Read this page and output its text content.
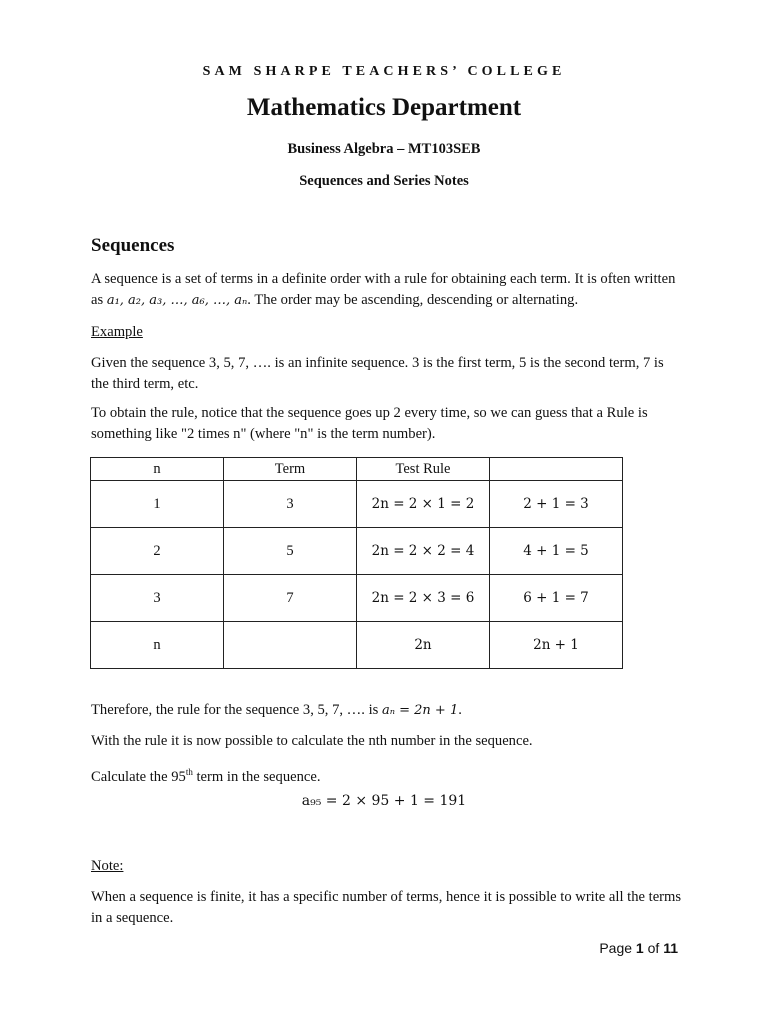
SAM SHARPE TEACHERS’ COLLEGE

Mathematics Department

Business Algebra – MT103SEB

Sequences and Series Notes

Sequences

A sequence is a set of terms in a definite order with a rule for obtaining each term. It is often written as a₁, a₂, a₃, …, a₆, …, aₙ. The order may be ascending, descending or alternating.

Example

Given the sequence 3, 5, 7, …. is an infinite sequence. 3 is the first term, 5 is the second term, 7 is the third term, etc.

To obtain the rule, notice that the sequence goes up 2 every time, so we can guess that a Rule is something like "2 times n" (where "n" is the term number).

n	Term	Test Rule	
1	3	2n = 2 × 1 = 2	2 + 1 = 3
2	5	2n = 2 × 2 = 4	4 + 1 = 5
3	7	2n = 2 × 3 = 6	6 + 1 = 7
n		2n	2n + 1

Therefore, the rule for the sequence 3, 5, 7, …. is aₙ = 2n + 1.

With the rule it is now possible to calculate the nth number in the sequence.

Calculate the 95th term in the sequence.

a₉₅ = 2 × 95 + 1 = 191

Note:

When a sequence is finite, it has a specific number of terms, hence it is possible to write all the terms in a sequence.

Page 1 of 11
